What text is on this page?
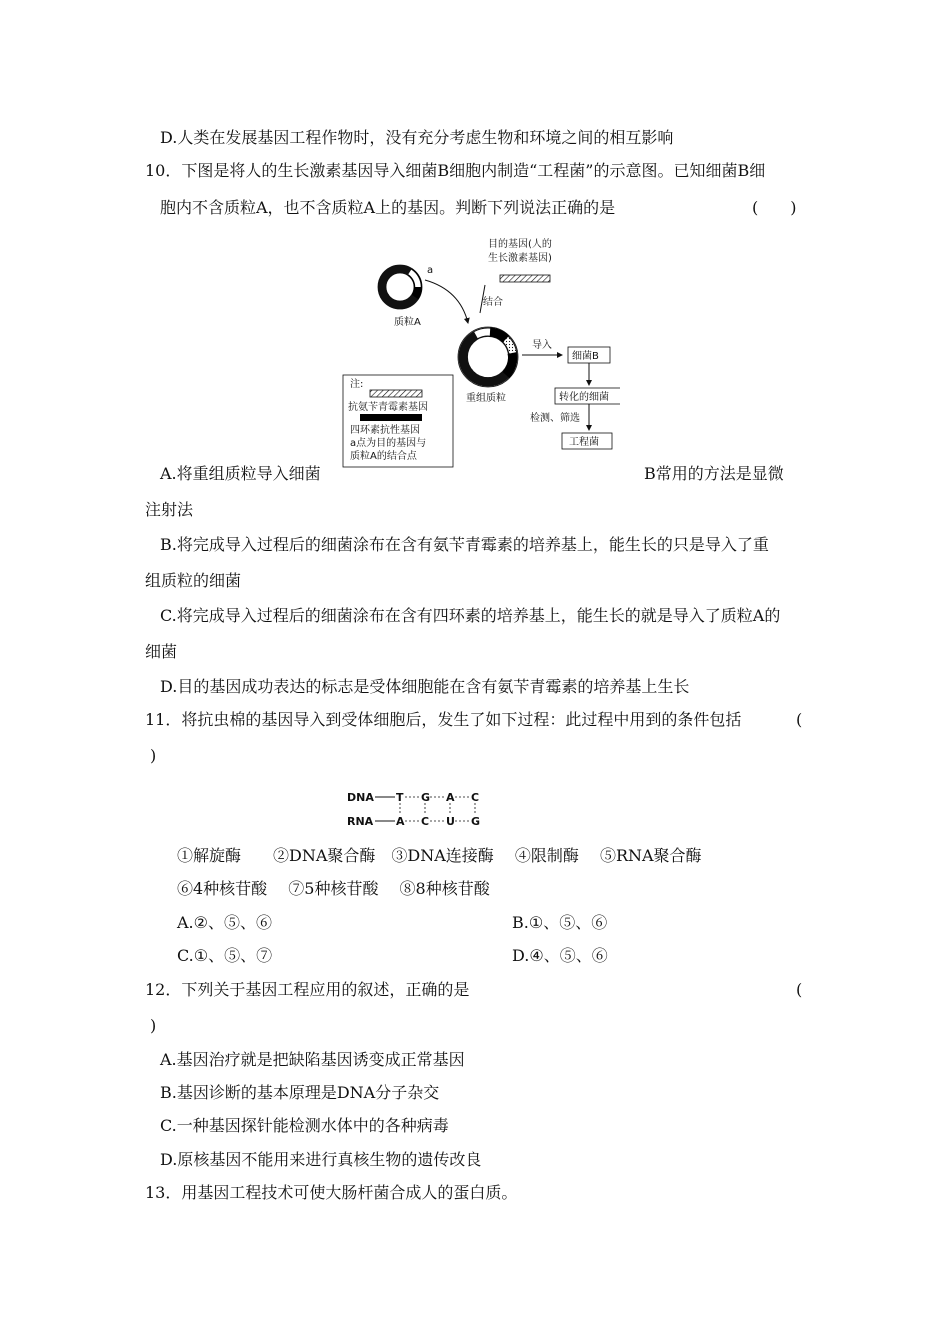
D.人类在发展基因工程作物时，没有充分考虑生物和环境之间的相互影响
10．下图是将人的生长激素基因导入细菌B细胞内制造“工程菌”的示意图。已知细菌B细
胞内不含质粒A，也不含质粒A上的基因。判断下列说法正确的是	(　　)
质粒A
a
目的基因(人的
生长激素基因)
结合
重组质粒
导入
细菌B
转化的细菌
检测、筛选
工程菌
注:
抗氨苄青霉素基因
四环素抗性基因
a点为目的基因与
质粒A的结合点
A.将重组质粒导入细菌	B常用的方法是显微
注射法
B.将完成导入过程后的细菌涂布在含有氨苄青霉素的培养基上，能生长的只是导入了重
组质粒的细菌
C.将完成导入过程后的细菌涂布在含有四环素的培养基上，能生长的就是导入了质粒A的
细菌
D.目的基因成功表达的标志是受体细胞能在含有氨苄青霉素的培养基上生长
11．将抗虫棉的基因导入到受体细胞后，发生了如下过程：此过程中用到的条件包括	(
)
DNA
RNA
T G A C
A C U G
①解旋酶　　②DNA聚合酶　③DNA连接酶　 ④限制酶　 ⑤RNA聚合酶
⑥4种核苷酸　 ⑦5种核苷酸　 ⑧8种核苷酸
A.②、⑤、⑥	B.①、⑤、⑥
C.①、⑤、⑦	D.④、⑤、⑥
12．下列关于基因工程应用的叙述，正确的是	(
)
A.基因治疗就是把缺陷基因诱变成正常基因
B.基因诊断的基本原理是DNA分子杂交
C.一种基因探针能检测水体中的各种病毒
D.原核基因不能用来进行真核生物的遗传改良
13．用基因工程技术可使大肠杆菌合成人的蛋白质。
